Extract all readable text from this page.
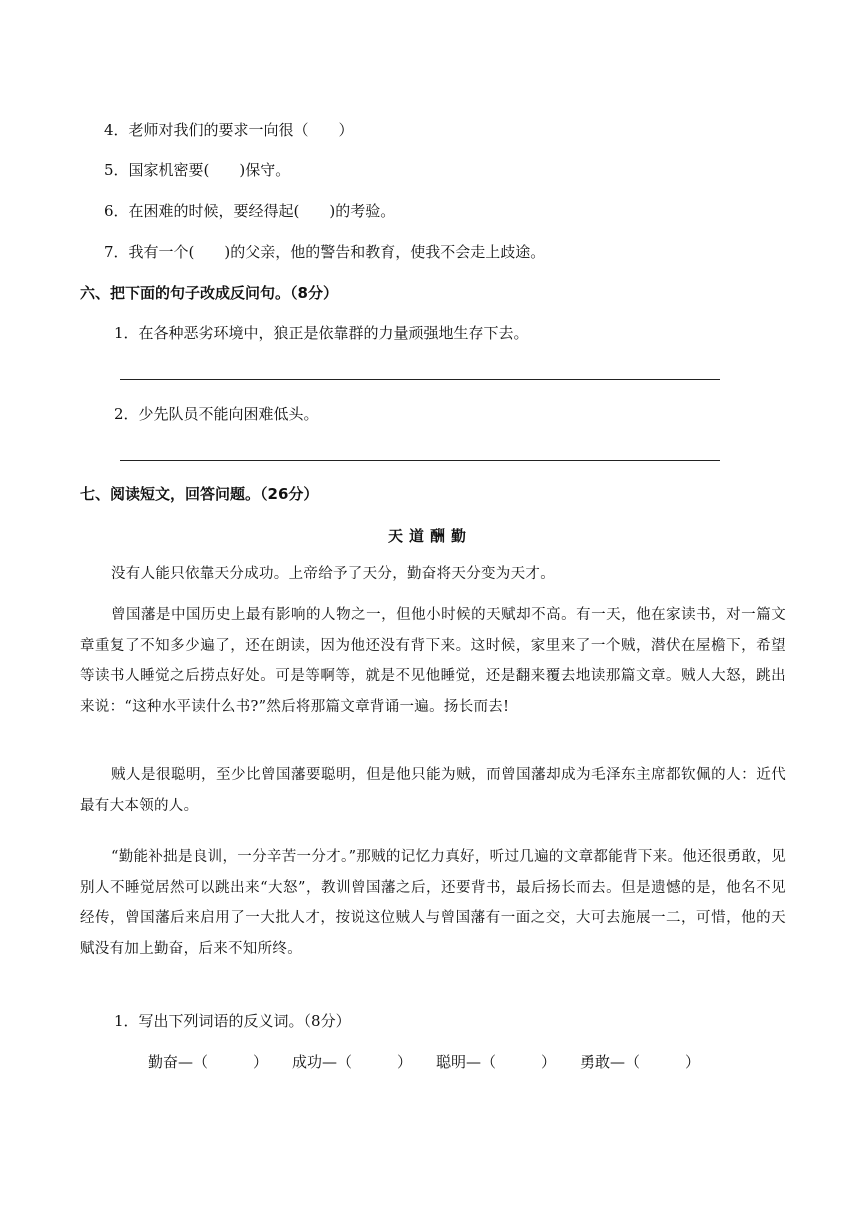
4．老师对我们的要求一向很（　　）
5．国家机密要(　　)保守。
6．在困难的时候，要经得起(　　)的考验。
7．我有一个(　　)的父亲，他的警告和教育，使我不会走上歧途。
六、把下面的句子改成反问句。（8分）
1．在各种恶劣环境中，狼正是依靠群的力量顽强地生存下去。
2．少先队员不能向困难低头。
七、阅读短文，回答问题。（26分）
天道酬勤
没有人能只依靠天分成功。上帝给予了天分，勤奋将天分变为天才。
曾国藩是中国历史上最有影响的人物之一，但他小时候的天赋却不高。有一天，他在家读书，对一篇文章重复了不知多少遍了，还在朗读，因为他还没有背下来。这时候，家里来了一个贼，潜伏在屋檐下，希望等读书人睡觉之后捞点好处。可是等啊等，就是不见他睡觉，还是翻来覆去地读那篇文章。贼人大怒，跳出来说：“这种水平读什么书?”然后将那篇文章背诵一遍。扬长而去!
贼人是很聪明，至少比曾国藩要聪明，但是他只能为贼，而曾国藩却成为毛泽东主席都钦佩的人：近代最有大本领的人。
“勤能补拙是良训，一分辛苦一分才。”那贼的记忆力真好，听过几遍的文章都能背下来。他还很勇敢，见别人不睡觉居然可以跳出来“大怒”，教训曾国藩之后，还要背书，最后扬长而去。但是遗憾的是，他名不见经传，曾国藩后来启用了一大批人才，按说这位贼人与曾国藩有一面之交，大可去施展一二，可惜，他的天赋没有加上勤奋，后来不知所终。
1．写出下列词语的反义词。（8分）
勤奋—（　　　） 成功—（　　　） 聪明—（　　　） 勇敢—（　　　）
